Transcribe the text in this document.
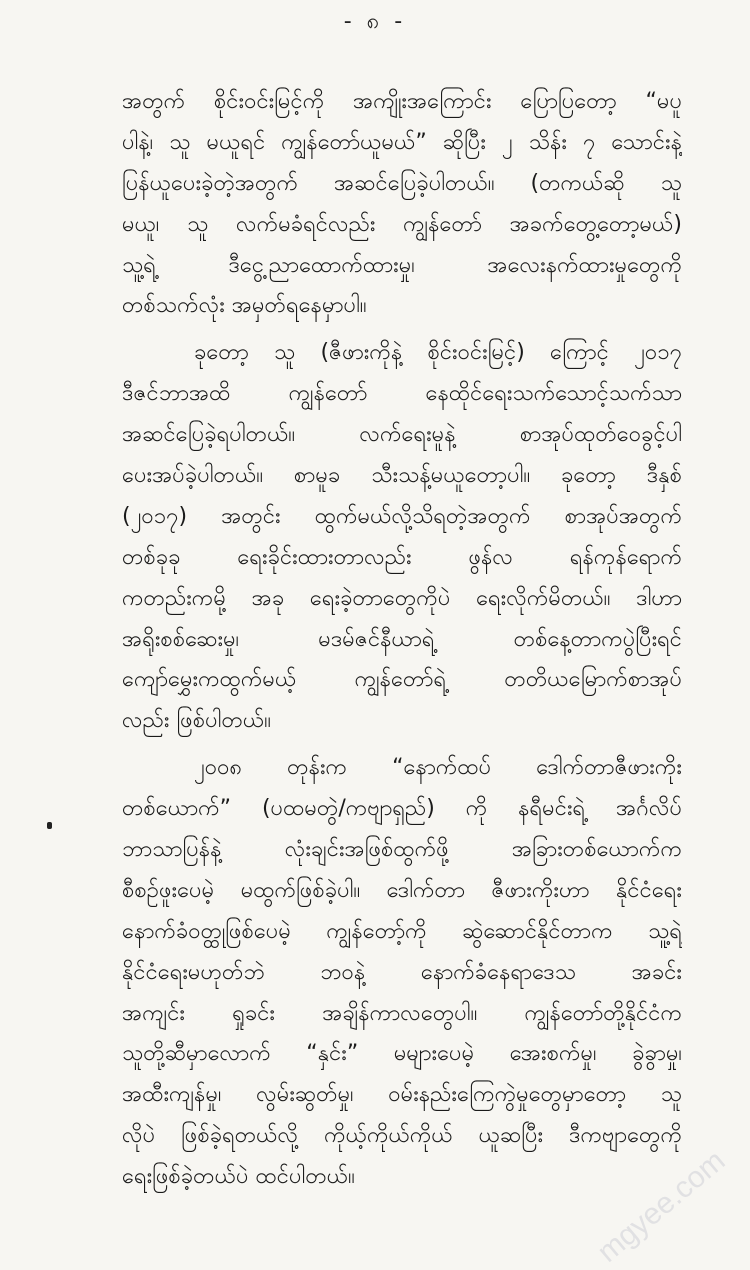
- ၈ -
အတွက် စိုင်းဝင်းမြင့်ကို အကျိုးအကြောင်း ပြောပြတော့ “မပူ
ပါနဲ့၊ သူ မယူရင် ကျွန်တော်ယူမယ်” ဆိုပြီး ၂ သိန်း ၇ သောင်းနဲ့
ပြန်ယူပေးခဲ့တဲ့အတွက် အဆင်ပြေခဲ့ပါတယ်။ (တကယ်ဆို သူ
မယူ၊ သူ လက်မခံရင်လည်း ကျွန်တော် အခက်တွေ့တော့မယ်)
သူ့ရဲ့ ဒီငွေ့ညာထောက်ထားမှု၊ အလေးနက်ထားမှုတွေကို
တစ်သက်လုံး အမှတ်ရနေမှာပါ။
ခုတော့ သူ (ဇီဖားကိုနဲ့ စိုင်းဝင်းမြင့်) ကြောင့် ၂၀၁၇
ဒီဇင်ဘာအထိ ကျွန်တော် နေထိုင်ရေးသက်သောင့်သက်သာ
အဆင်ပြေခဲ့ရပါတယ်။ လက်ရေးမူနဲ့ စာအုပ်ထုတ်ဝေခွင့်ပါ
ပေးအပ်ခဲ့ပါတယ်။ စာမူခ သီးသန့်မယူတော့ပါ။ ခုတော့ ဒီနှစ်
(၂၀၁၇) အတွင်း ထွက်မယ်လို့သိရတဲ့အတွက် စာအုပ်အတွက်
တစ်ခုခု ရေးခိုင်းထားတာလည်း ဖွန်လ ရန်ကုန်ရောက်
ကတည်းကမို့ အခု ရေးခဲ့တာတွေကိုပဲ ရေးလိုက်မိတယ်။ ဒါဟာ
အရိုးစစ်ဆေးမှု၊ မဒမ်ဇင်နီယာရဲ့ တစ်နေ့တာကပွဲပြီးရင်
ကျော်မွှေးကထွက်မယ့် ကျွန်တော်ရဲ့ တတိယမြောက်စာအုပ်
လည်း ဖြစ်ပါတယ်။
၂၀၀၈ တုန်းက “နောက်ထပ် ဒေါက်တာဇီဖားကိုး
တစ်ယောက်” (ပထမတွဲ/ကဗျာရှည်) ကို နရီမင်းရဲ့ အင်္ဂလိပ်
ဘာသာပြန်နဲ့ လုံးချင်းအဖြစ်ထွက်ဖို့ အခြားတစ်ယောက်က
စီစဉ်ဖူးပေမဲ့ မထွက်ဖြစ်ခဲ့ပါ။ ဒေါက်တာ ဇီဖားကိုးဟာ နိုင်ငံရေး
နောက်ခံဝတ္ထုဖြစ်ပေမဲ့ ကျွန်တော့်ကို ဆွဲဆောင်နိုင်တာက သူ့ရဲ့
နိုင်ငံရေးမဟုတ်ဘဲ ဘဝနဲ့ နောက်ခံနေရာဒေသ အခင်း
အကျင်း ရှုခင်း အချိန်ကာလတွေပါ။ ကျွန်တော်တို့နိုင်ငံက
သူတို့ဆီမှာလောက် “နှင်း” မများပေမဲ့ အေးစက်မှု၊ ခွဲခွာမှု၊
အထီးကျန်မှု၊ လွမ်းဆွတ်မှု၊ ဝမ်းနည်းကြေကွဲမှုတွေမှာတော့ သူ
လိုပဲ ဖြစ်ခဲ့ရတယ်လို့ ကိုယ့်ကိုယ်ကိုယ် ယူဆပြီး ဒီကဗျာတွေကို
ရေးဖြစ်ခဲ့တယ်ပဲ ထင်ပါတယ်။	mgyee.com
